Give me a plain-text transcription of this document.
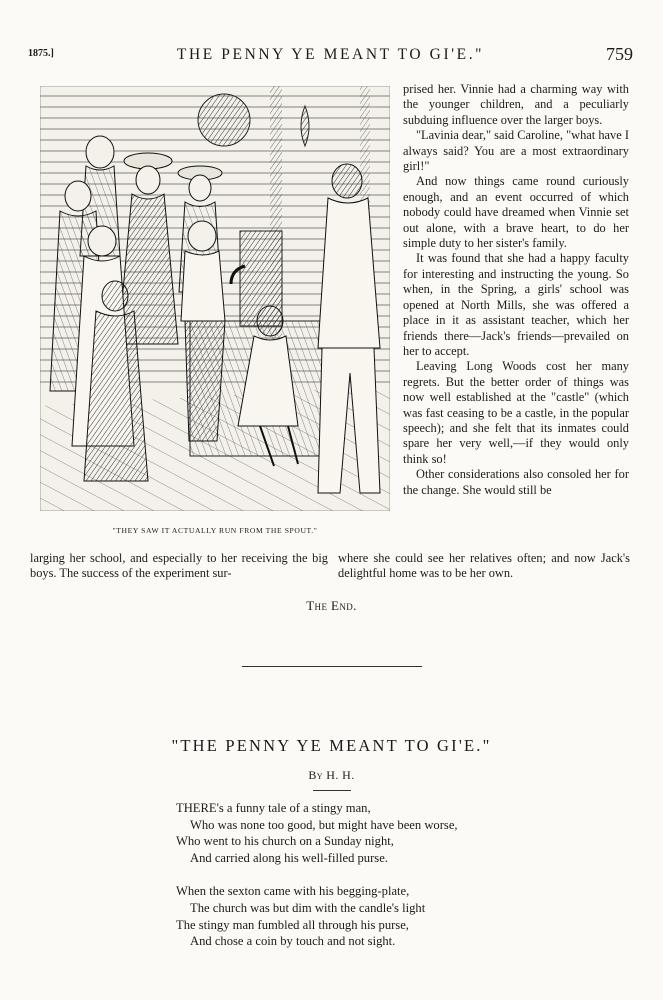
1875.]	THE PENNY YE MEANT TO GI'E."	759
"THEY SAW IT ACTUALLY RUN FROM THE SPOUT."

prised her. Vinnie had a charming way with the younger children, and a peculiarly subduing influence over the larger boys.

"Lavinia dear," said Caroline, "what have I always said? You are a most extraordinary girl!"

And now things came round curiously enough, and an event occurred of which nobody could have dreamed when Vinnie set out alone, with a brave heart, to do her simple duty to her sister's family.

It was found that she had a happy faculty for interesting and instructing the young. So when, in the Spring, a girls' school was opened at North Mills, she was offered a place in it as assistant teacher, which her friends there—Jack's friends—prevailed on her to accept.

Leaving Long Woods cost her many regrets. But the better order of things was now well established at the "castle" (which was fast ceasing to be a castle, in the popular speech); and she felt that its inmates could spare her very well,—if they would only think so!

Other considerations also consoled her for the change. She would still be

larging her school, and especially to her receiving the big boys. The success of the experiment sur-
where she could see her relatives often; and now Jack's delightful home was to be her own.
The End.
"THE PENNY YE MEANT TO GI'E."
By H. H.
THERE's a funny tale of a stingy man,
Who was none too good, but might have been worse,
Who went to his church on a Sunday night,
And carried along his well-filled purse.
When the sexton came with his begging-plate,
The church was but dim with the candle's light
The stingy man fumbled all through his purse,
And chose a coin by touch and not sight.
